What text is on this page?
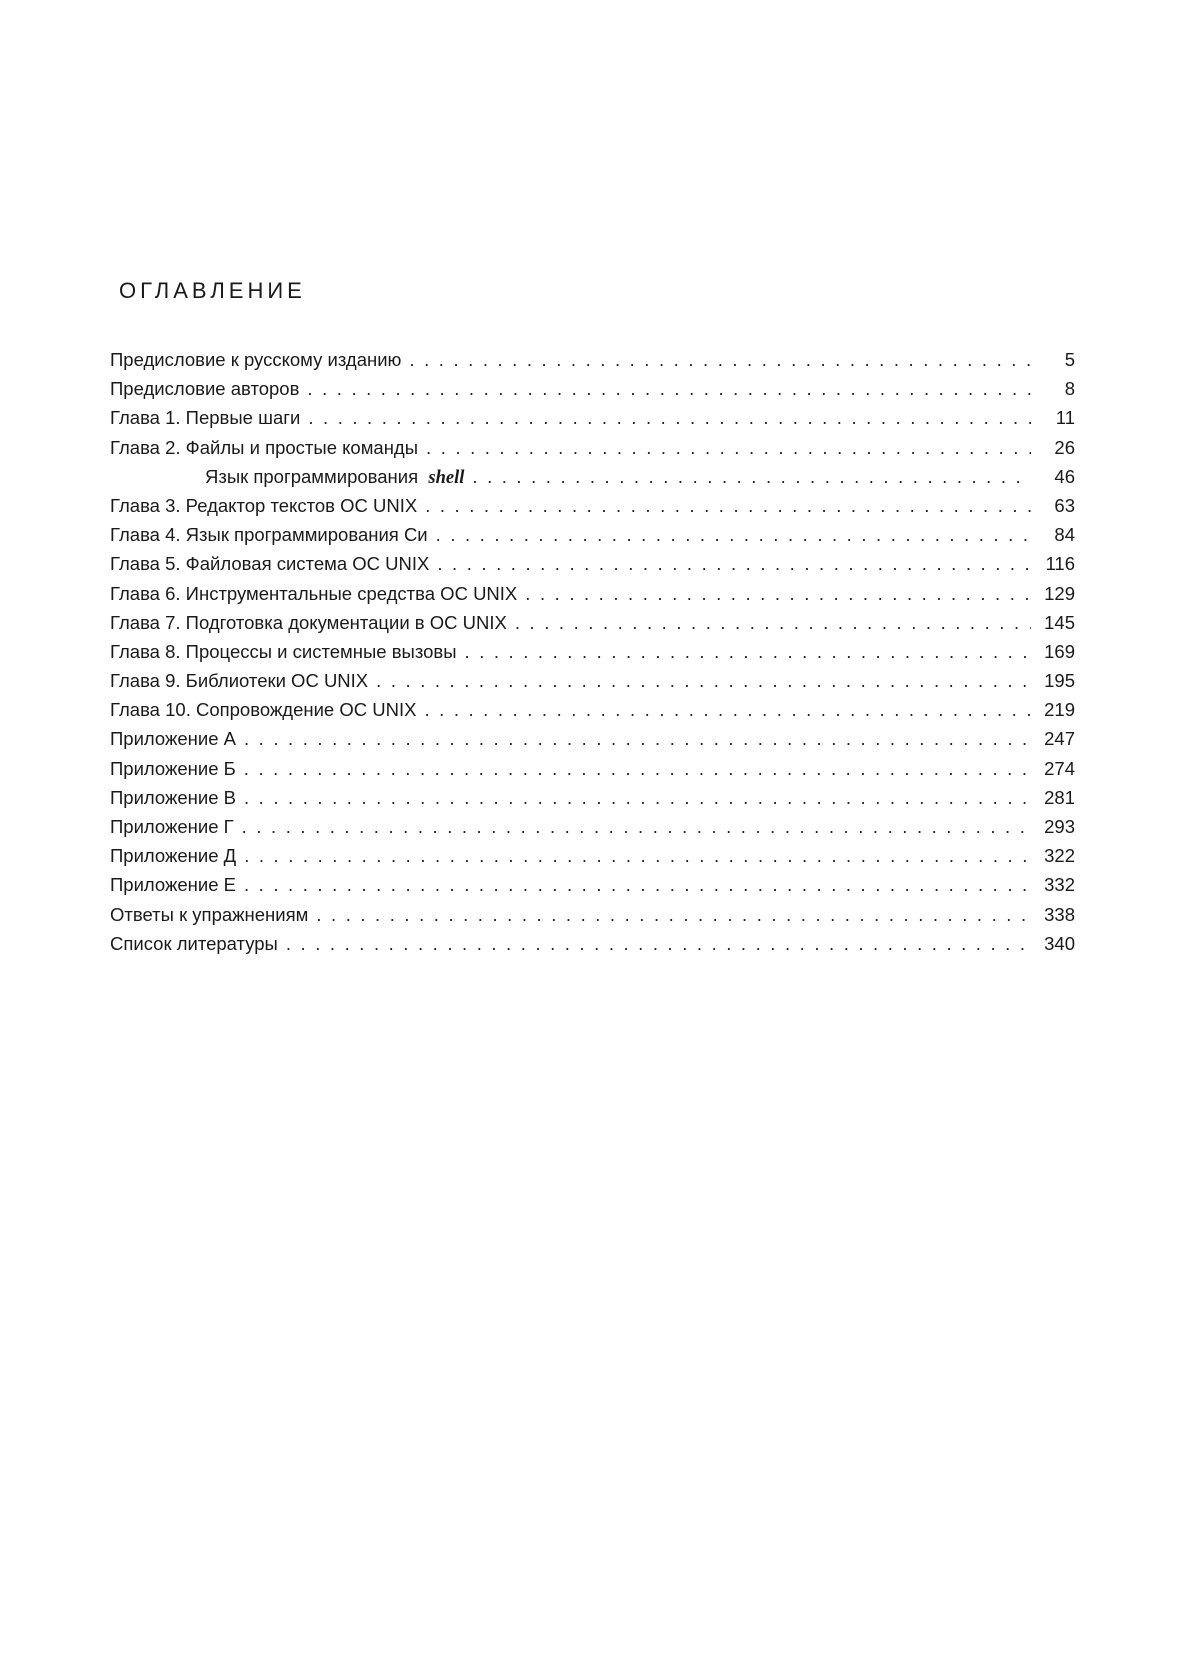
ОГЛАВЛЕНИЕ
Предисловие к русскому изданию . . .	5
Предисловие авторов . . .	8
Глава 1. Первые шаги . . .	11
Глава 2. Файлы и простые команды . . .	26
Язык программирования shell . . .	46
Глава 3. Редактор текстов ОС UNIX . . .	63
Глава 4. Язык программирования Си . . .	84
Глава 5. Файловая система ОС UNIX . . .	116
Глава 6. Инструментальные средства ОС UNIX . . .	129
Глава 7. Подготовка документации в ОС UNIX . . .	145
Глава 8. Процессы и системные вызовы . . .	169
Глава 9. Библиотеки ОС UNIX . . .	195
Глава 10. Сопровождение ОС UNIX . . .	219
Приложение А . . .	247
Приложение Б . . .	274
Приложение В . . .	281
Приложение Г . . .	293
Приложение Д . . .	322
Приложение Е . . .	332
Ответы к упражнениям . . .	338
Список литературы . . .	340
